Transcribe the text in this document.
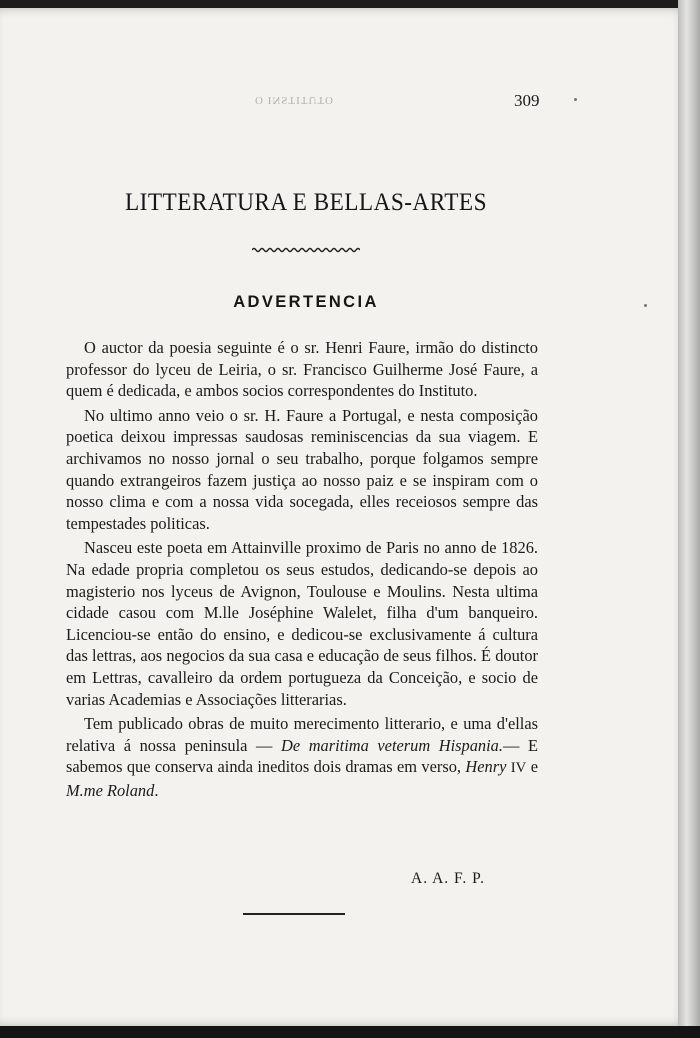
O INSTITUTO	309
LITTERATURA E BELLAS-ARTES
ADVERTENCIA

O auctor da poesia seguinte é o sr. Henri Faure, irmão do distincto professor do lyceu de Leiria, o sr. Francisco Guilherme José Faure, a quem é dedicada, e ambos socios correspondentes do Instituto.

No ultimo anno veio o sr. H. Faure a Portugal, e nesta composição poetica deixou impressas saudosas reminiscencias da sua viagem. E archivamos no nosso jornal o seu trabalho, porque folgamos sempre quando extrangeiros fazem justiça ao nosso paiz e se inspiram com o nosso clima e com a nossa vida socegada, elles receiosos sempre das tempestades politicas.

Nasceu este poeta em Attainville proximo de Paris no anno de 1826. Na edade propria completou os seus estudos, dedicando-se depois ao magisterio nos lyceus de Avignon, Toulouse e Moulins. Nesta ultima cidade casou com M.lle Joséphine Walelet, filha d'um banqueiro. Licenciou-se então do ensino, e dedicou-se exclusivamente á cultura das lettras, aos negocios da sua casa e educação de seus filhos. É doutor em Lettras, cavalleiro da ordem portugueza da Conceição, e socio de varias Academias e Associações litterarias.

Tem publicado obras de muito merecimento litterario, e uma d'ellas relativa á nossa peninsula — De maritima veterum Hispania.— E sabemos que conserva ainda ineditos dois dramas em verso, Henry IV e M.me Roland.

A. A. F. P.
